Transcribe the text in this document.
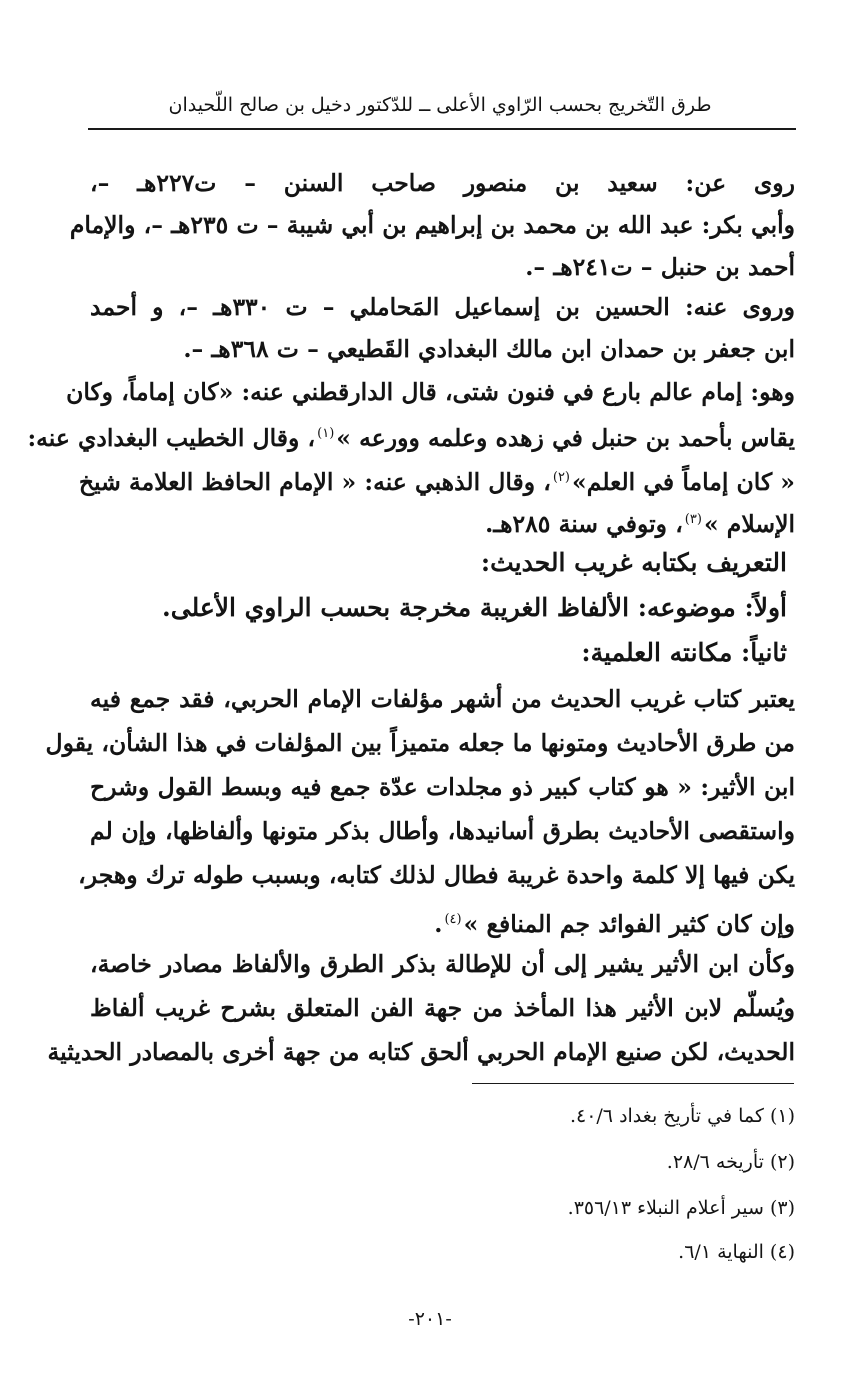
طرق التّخريج بحسب الرّاوي الأعلى ــ للدّكتور دخيل بن صالح اللّحيدان
روى عن: سعيد بن منصور صاحب السنن – ت٢٢٧هـ –،
وأبي بكر: عبد الله بن محمد بن إبراهيم بن أبي شيبة – ت ٢٣٥هـ –، والإمام
أحمد بن حنبل – ت٢٤١هـ –.
وروى عنه: الحسين بن إسماعيل المَحاملي – ت ٣٣٠هـ –، و أحمد
ابن جعفر بن حمدان ابن مالك البغدادي القَطيعي – ت ٣٦٨هـ –.
وهو: إمام عالم بارع في فنون شتى، قال الدارقطني عنه: «كان إماماً، وكان
يقاس بأحمد بن حنبل في زهده وعلمه وورعه »$^{(١)}$، وقال الخطيب البغدادي عنه:
« كان إماماً في العلم»$^{(٢)}$، وقال الذهبي عنه: « الإمام الحافظ العلامة شيخ
الإسلام »$^{(٣)}$، وتوفي سنة ٢٨٥هـ.
التعريف بكتابه غريب الحديث:
أولاً: موضوعه: الألفاظ الغريبة مخرجة بحسب الراوي الأعلى.
ثانياً: مكانته العلمية:
يعتبر كتاب غريب الحديث من أشهر مؤلفات الإمام الحربي، فقد جمع فيه
من طرق الأحاديث ومتونها ما جعله متميزاً بين المؤلفات في هذا الشأن، يقول
ابن الأثير: « هو كتاب كبير ذو مجلدات عدّة جمع فيه وبسط القول وشرح
واستقصى الأحاديث بطرق أسانيدها، وأطال بذكر متونها وألفاظها، وإن لم
يكن فيها إلا كلمة واحدة غريبة فطال لذلك كتابه، وبسبب طوله ترك وهجر،
وإن كان كثير الفوائد جم المنافع »$^{(٤)}$.
وكأن ابن الأثير يشير إلى أن للإطالة بذكر الطرق والألفاظ مصادر خاصة،
ويُسلّم لابن الأثير هذا المأخذ من جهة الفن المتعلق بشرح غريب ألفاظ
الحديث، لكن صنيع الإمام الحربي ألحق كتابه من جهة أخرى بالمصادر الحديثية
(١) كما في تأريخ بغداد ٤٠/٦.
(٢) تأريخه ٢٨/٦.
(٣) سير أعلام النبلاء ٣٥٦/١٣.
(٤) النهاية ٦/١.
-٢٠١-
